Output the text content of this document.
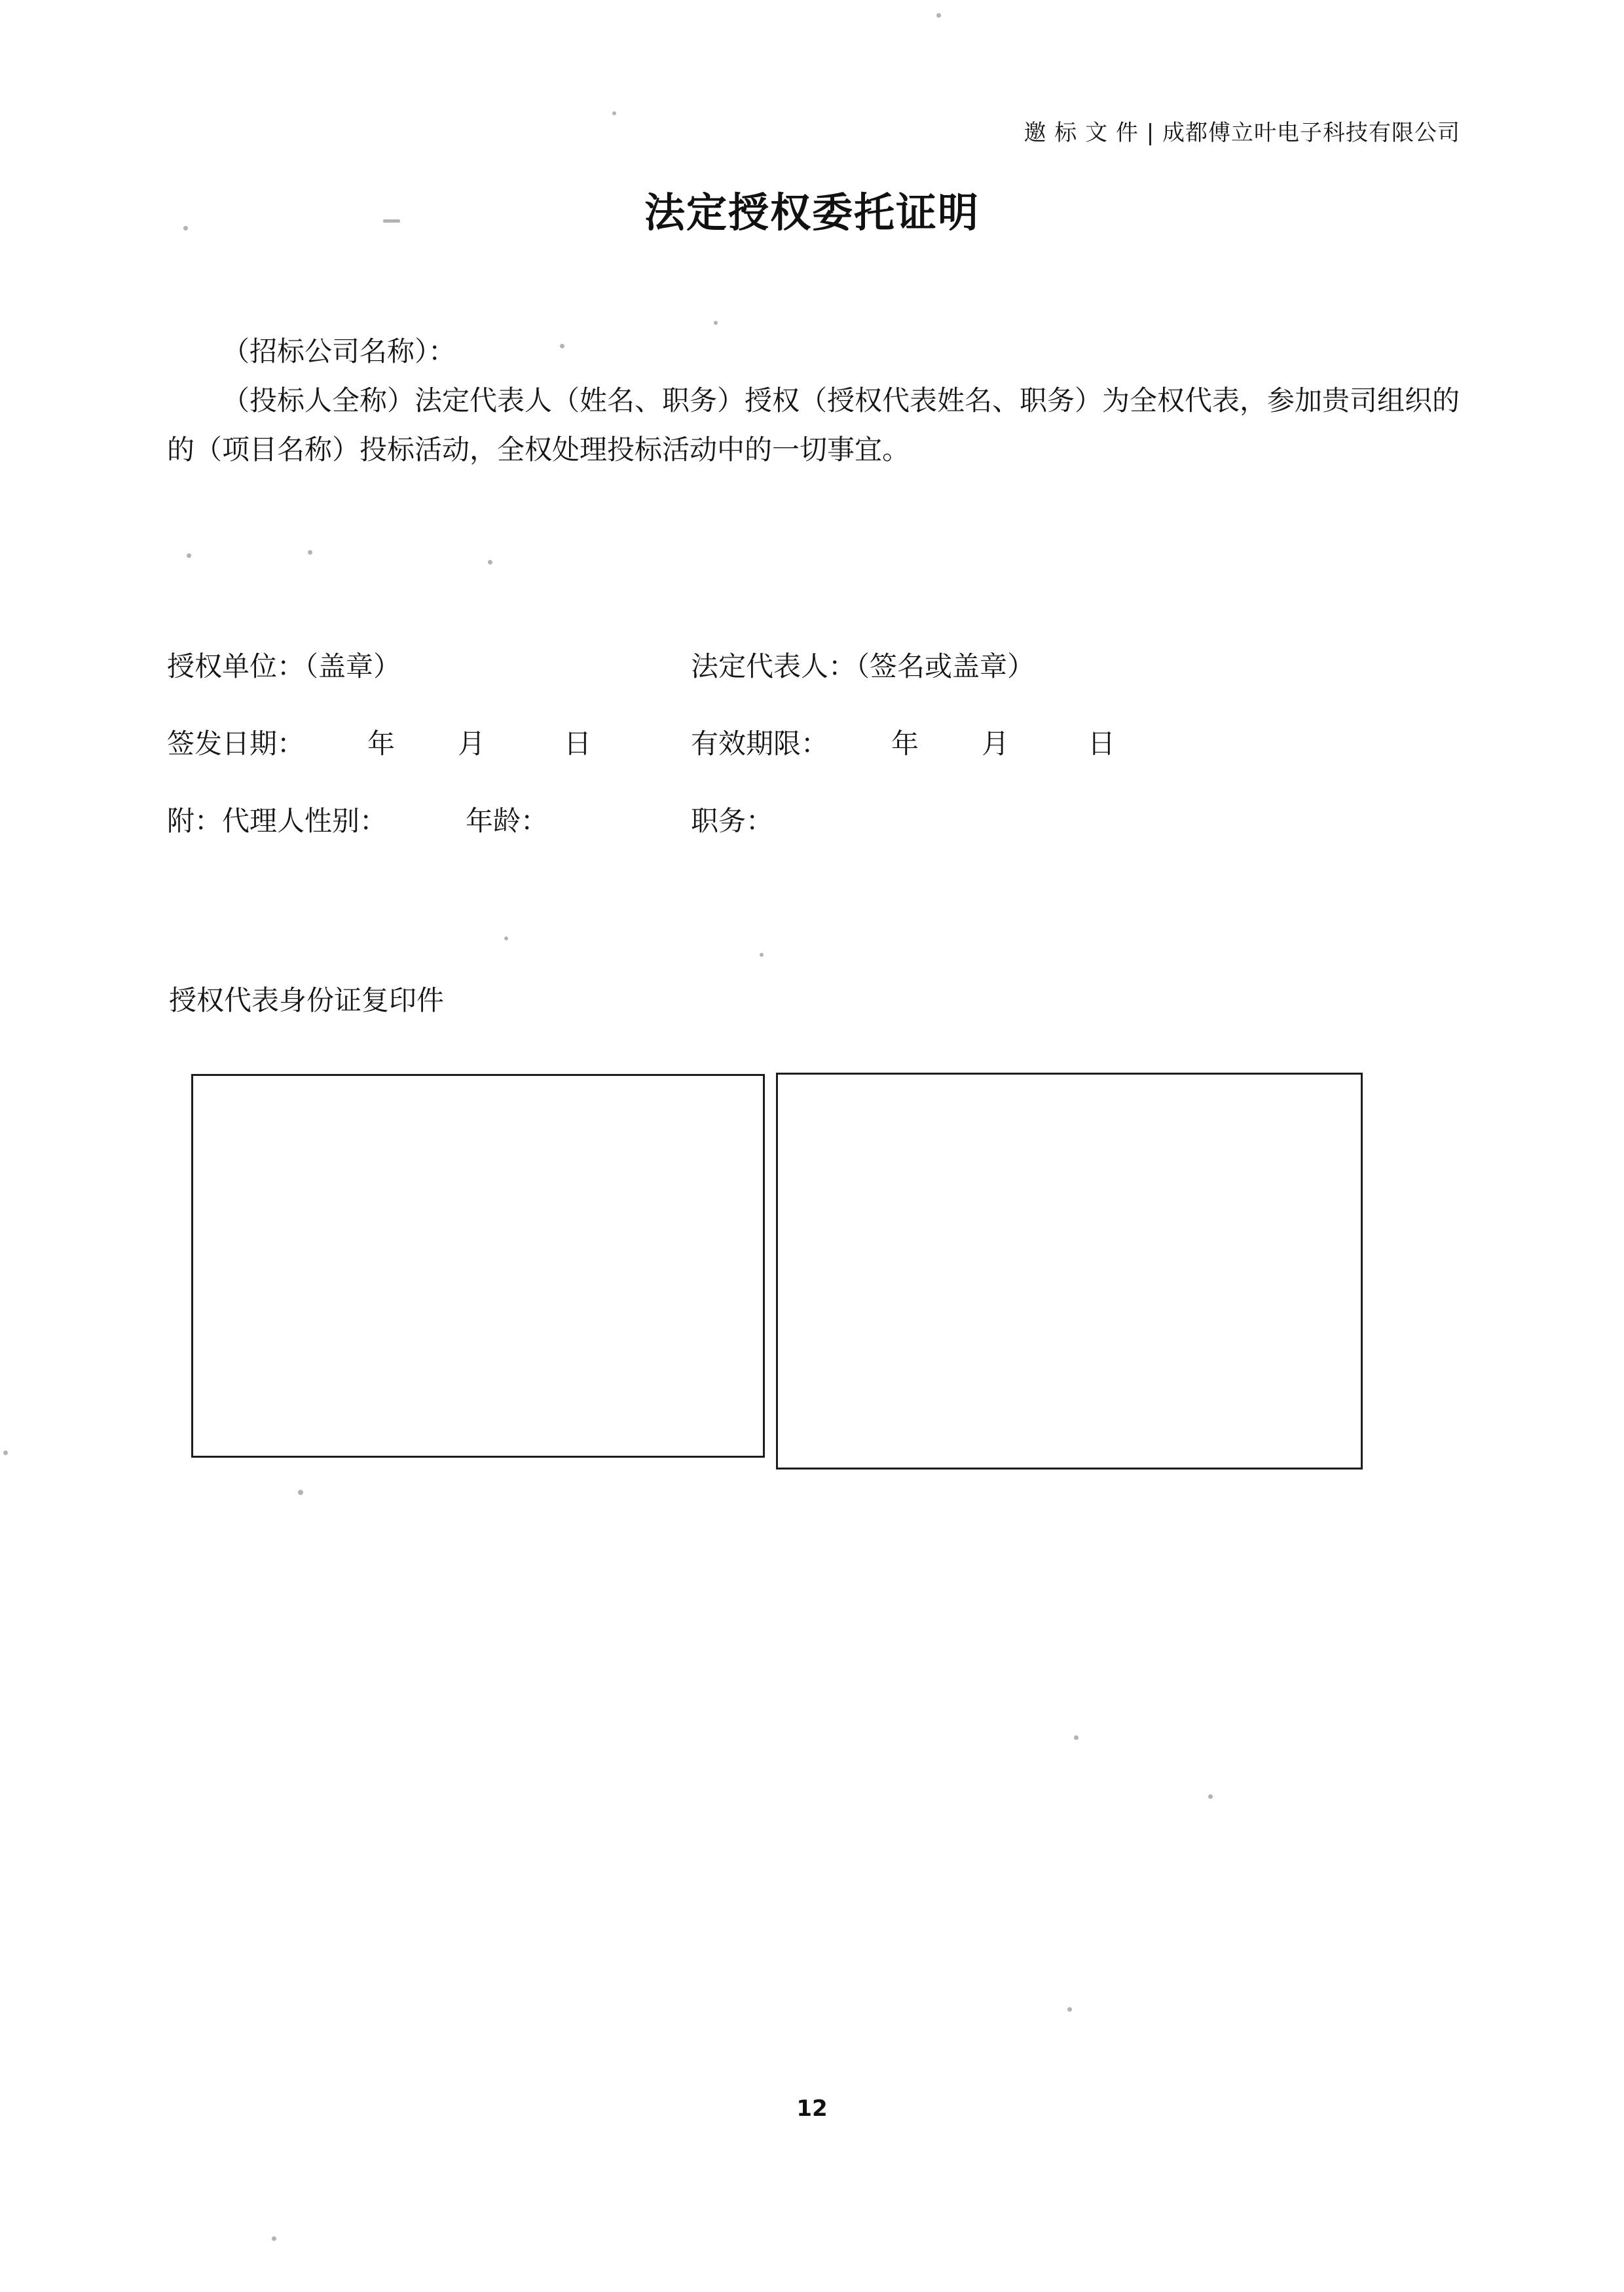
邀 标 文 件 | 成都傅立叶电子科技有限公司
法定授权委托证明
（招标公司名称）：
（投标人全称）法定代表人（姓名、职务）授权（授权代表姓名、职务）为全权代表，参加贵司组织的的（项目名称）投标活动，全权处理投标活动中的一切事宜。
授权单位：（盖章）	法定代表人：（签名或盖章）
签发日期： 年 月	日	有效期限： 年 月	日
附：代理人性别：	年龄：	职务：
授权代表身份证复印件
12
